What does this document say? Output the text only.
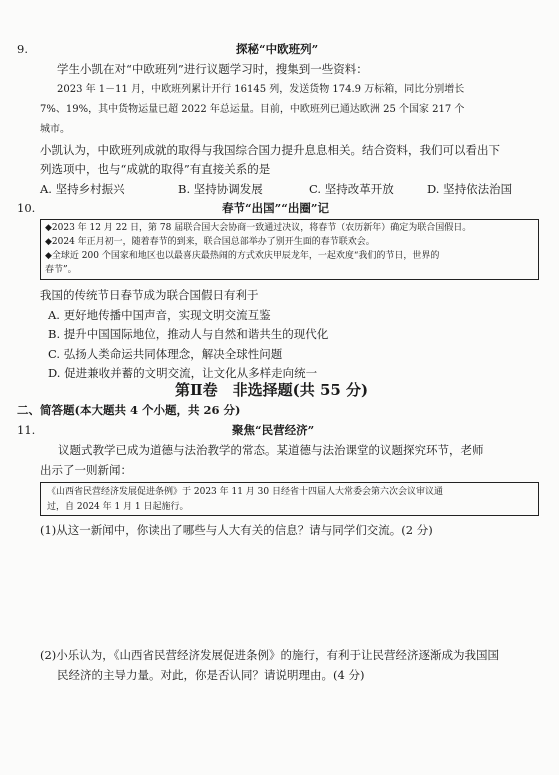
9.	探秘“中欧班列”
学生小凯在对“中欧班列”进行议题学习时，搜集到一些资料：
2023 年 1－11 月，中欧班列累计开行 16145 列，发送货物 174.9 万标箱，同比分别增长
7%、19%，其中货物运量已超 2022 年总运量。目前，中欧班列已通达欧洲 25 个国家 217 个
城市。
小凯认为，中欧班列成就的取得与我国综合国力提升息息相关。结合资料，我们可以看出下
列选项中，也与“成就的取得”有直接关系的是
A. 坚持乡村振兴	B. 坚持协调发展	C. 坚持改革开放	D. 坚持依法治国
10.	春节“出国”“出圈”记
◆2023 年 12 月 22 日，第 78 届联合国大会协商一致通过决议，将春节（农历新年）确定为联合国假日。
◆2024 年正月初一，随着春节的到来，联合国总部举办了别开生面的春节联欢会。
◆全球近 200 个国家和地区也以最喜庆最热闹的方式欢庆甲辰龙年，一起欢度“我们的节日，世界的
春节”。
我国的传统节日春节成为联合国假日有利于
A. 更好地传播中国声音，实现文明交流互鉴
B. 提升中国国际地位，推动人与自然和谐共生的现代化
C. 弘扬人类命运共同体理念，解决全球性问题
D. 促进兼收并蓄的文明交流，让文化从多样走向统一
第Ⅱ卷　非选择题(共 55 分)
二、简答题(本大题共 4 个小题，共 26 分)
11.	聚焦“民营经济”
议题式教学已成为道德与法治教学的常态。某道德与法治课堂的议题探究环节，老师
出示了一则新闻：
《山西省民营经济发展促进条例》于 2023 年 11 月 30 日经省十四届人大常委会第六次会议审议通
过，自 2024 年 1 月 1 日起施行。
(1)从这一新闻中，你读出了哪些与人大有关的信息？请与同学们交流。(2 分)
(2)小乐认为，《山西省民营经济发展促进条例》的施行，有利于让民营经济逐渐成为我国国
民经济的主导力量。对此，你是否认同？请说明理由。(4 分)
